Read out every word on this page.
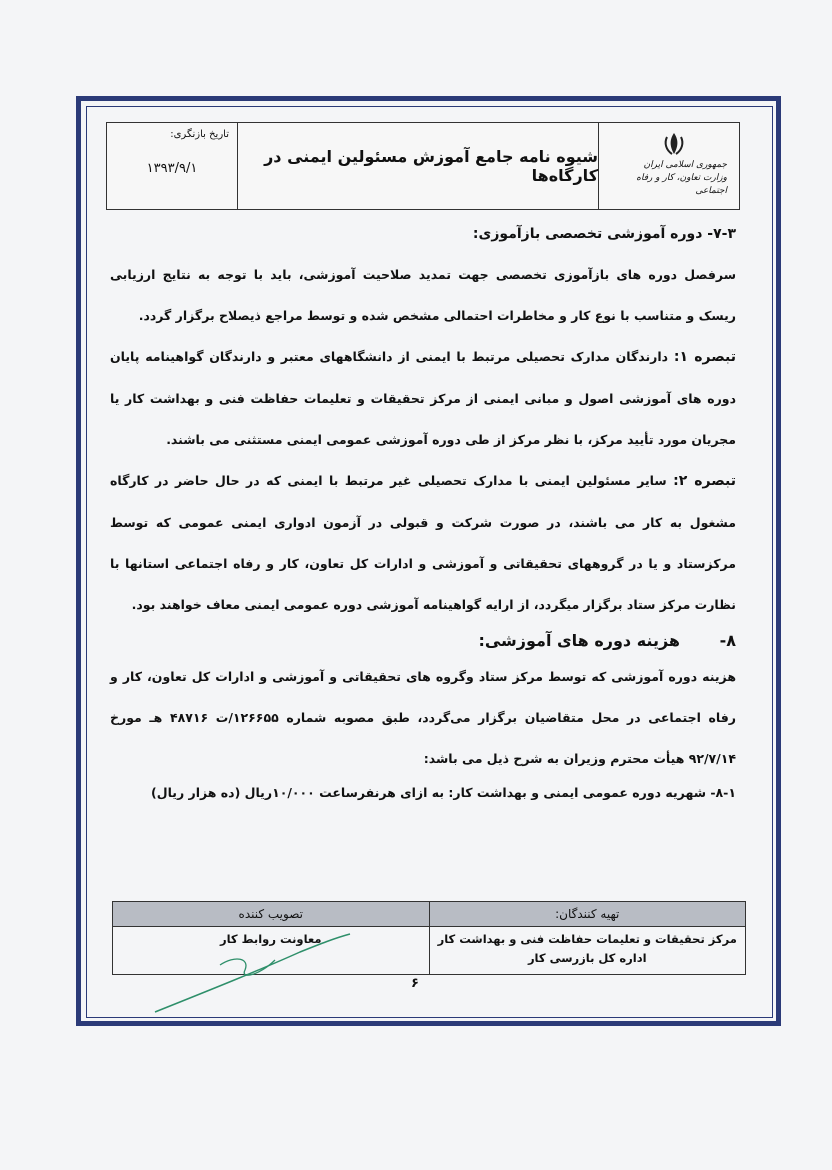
تاریخ بازنگری:
۱۳۹۳/۹/۱
شیوه نامه جامع آموزش مسئولین ایمنی در کارگاه‌ها
جمهوری اسلامی ایران
وزارت تعاون، کار و رفاه اجتماعی

۷-۳- دوره آموزشی تخصصی بازآموزی:

سرفصل دوره های بازآموزی تخصصی جهت تمدید صلاحیت آموزشی، باید با توجه به نتایج ارزیابی ریسک و متناسب با نوع کار و مخاطرات احتمالی مشخص شده و توسط مراجع ذیصلاح برگزار گردد.

تبصره ۱: دارندگان مدارک تحصیلی مرتبط با ایمنی از دانشگاههای معتبر و دارندگان گواهینامه پایان دوره های آموزشی اصول و مبانی ایمنی از مرکز تحقیقات و تعلیمات حفاظت فنی و بهداشت کار یا مجریان مورد تأیید مرکز، با نظر مرکز از طی دوره آموزشی عمومی ایمنی مستثنی می باشند.

تبصره ۲: سایر مسئولین ایمنی با مدارک تحصیلی غیر مرتبط با ایمنی که در حال حاضر در کارگاه مشغول به کار می باشند، در صورت شرکت و قبولی در آزمون ادواری ایمنی عمومی که توسط مرکزستاد و یا در گروههای تحقیقاتی و آموزشی و ادارات کل تعاون، کار و رفاه اجتماعی استانها با نظارت مرکز ستاد برگزار میگردد، از ارایه گواهینامه آموزشی دوره عمومی ایمنی معاف خواهند بود.

۸-هزینه دوره های آموزشی:

هزینه دوره آموزشی که توسط مرکز ستاد وگروه های تحقیقاتی و آموزشی و ادارات کل تعاون، کار و رفاه اجتماعی در محل متقاضیان برگزار می‌گردد، طبق مصوبه شماره ۱۲۶۶۵۵/ت ۴۸۷۱۶ هـ مورخ ۹۲/۷/۱۴ هیأت محترم وزیران به شرح ذیل می باشد:

۸-۱- شهریه دوره عمومی ایمنی و بهداشت کار: به ازای هرنفرساعت ۱۰/۰۰۰ریال (ده هزار ریال)

تصویب کننده
معاونت روابط کار
تهیه کنندگان:
مرکز تحقیقات و تعلیمات حفاظت فنی و بهداشت کار
اداره کل بازرسی کار
۶
